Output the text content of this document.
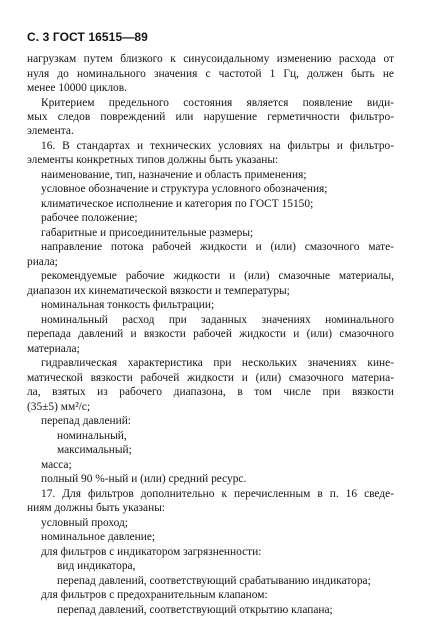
С. 3 ГОСТ 16515—89
нагрузкам путем близкого к синусоидальному изменению расхода от
нуля до номинального значения с частотой 1 Гц, должен быть не
менее 10000 циклов.
Критерием предельного состояния является появление види-
мых следов повреждений или нарушение герметичности фильтро-
элемента.
16. В стандартах и технических условиях на фильтры и фильтро-
элементы конкретных типов должны быть указаны:
наименование, тип, назначение и область применения;
условное обозначение и структура условного обозначения;
климатическое исполнение и категория по ГОСТ 15150;
рабочее положение;
габаритные и присоединительные размеры;
направление потока рабочей жидкости и (или) смазочного мате-
риала;
рекомендуемые рабочие жидкости и (или) смазочные материалы,
диапазон их кинематической вязкости и температуры;
номинальная тонкость фильтрации;
номинальный расход при заданных значениях номинального
перепада давлений и вязкости рабочей жидкости и (или) смазочного
материала;
гидравлическая характеристика при нескольких значениях кине-
матической вязкости рабочей жидкости и (или) смазочного материа-
ла, взятых из рабочего диапазона, в том числе при вязкости
(35±5) мм²/с;
перепад давлений:
номинальный,
максимальный;
масса;
полный 90 %-ный и (или) средний ресурс.
17. Для фильтров дополнительно к перечисленным в п. 16 сведе-
ниям должны быть указаны:
условный проход;
номинальное давление;
для фильтров с индикатором загрязненности:
вид индикатора,
перепад давлений, соответствующий срабатыванию индикатора;
для фильтров с предохранительным клапаном:
перепад давлений, соответствующий открытию клапана;
